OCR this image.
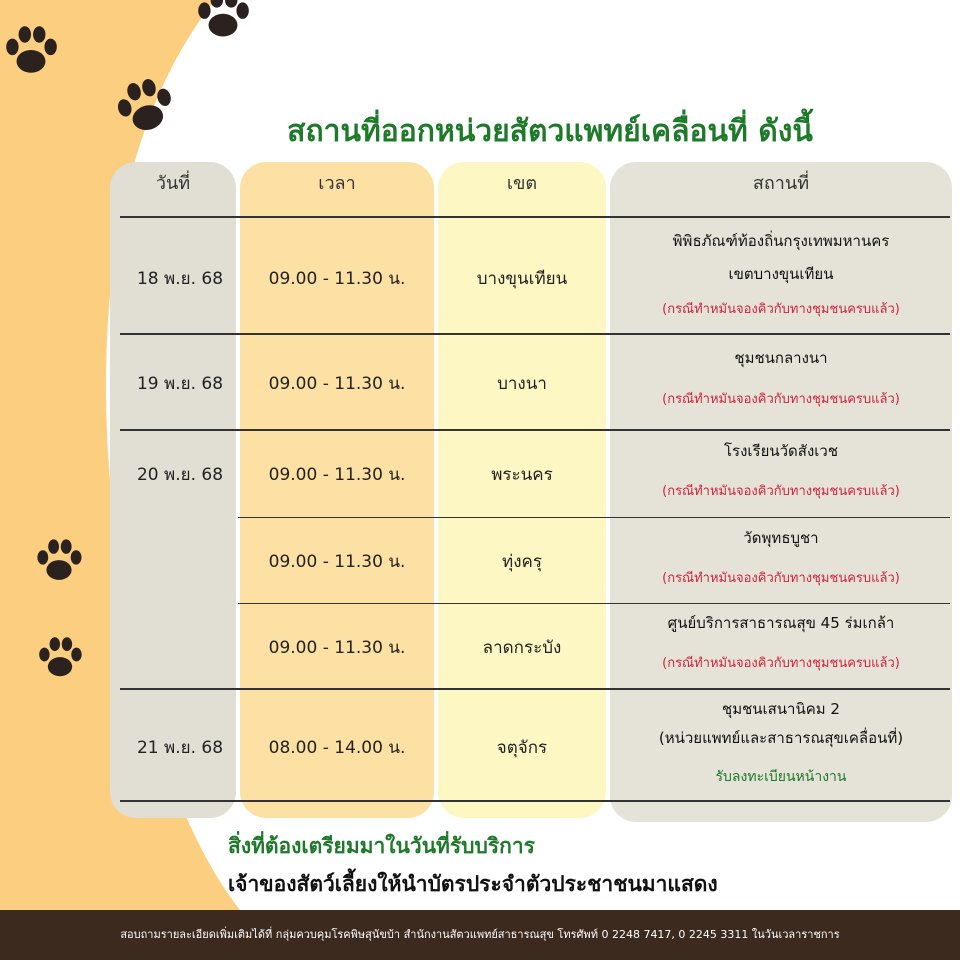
สถานที่ออกหน่วยสัตวแพทย์เคลื่อนที่ ดังนี้
วันที่	เวลา	เขต	สถานที่
18 พ.ย. 68	09.00 - 11.30 น.	บางขุนเทียน
พิพิธภัณฑ์ท้องถิ่นกรุงเทพมหานคร
เขตบางขุนเทียน
(กรณีทำหมันจองคิวกับทางชุมชนครบแล้ว)
19 พ.ย. 68	09.00 - 11.30 น.	บางนา
ชุมชนกลางนา
(กรณีทำหมันจองคิวกับทางชุมชนครบแล้ว)
20 พ.ย. 68	09.00 - 11.30 น.	พระนคร
โรงเรียนวัดสังเวช
(กรณีทำหมันจองคิวกับทางชุมชนครบแล้ว)
09.00 - 11.30 น.	ทุ่งครุ
วัดพุทธบูชา
(กรณีทำหมันจองคิวกับทางชุมชนครบแล้ว)
09.00 - 11.30 น.	ลาดกระบัง
ศูนย์บริการสาธารณสุข 45 ร่มเกล้า
(กรณีทำหมันจองคิวกับทางชุมชนครบแล้ว)
21 พ.ย. 68	08.00 - 14.00 น.	จตุจักร
ชุมชนเสนานิคม 2
(หน่วยแพทย์และสาธารณสุขเคลื่อนที่)
รับลงทะเบียนหน้างาน
สิ่งที่ต้องเตรียมมาในวันที่รับบริการ
เจ้าของสัตว์เลี้ยงให้นำบัตรประจำตัวประชาชนมาแสดง
สอบถามรายละเอียดเพิ่มเติมได้ที่ กลุ่มควบคุมโรคพิษสุนัขบ้า สำนักงานสัตวแพทย์สาธารณสุข โทรศัพท์ 0 2248 7417, 0 2245 3311 ในวันเวลาราชการ
